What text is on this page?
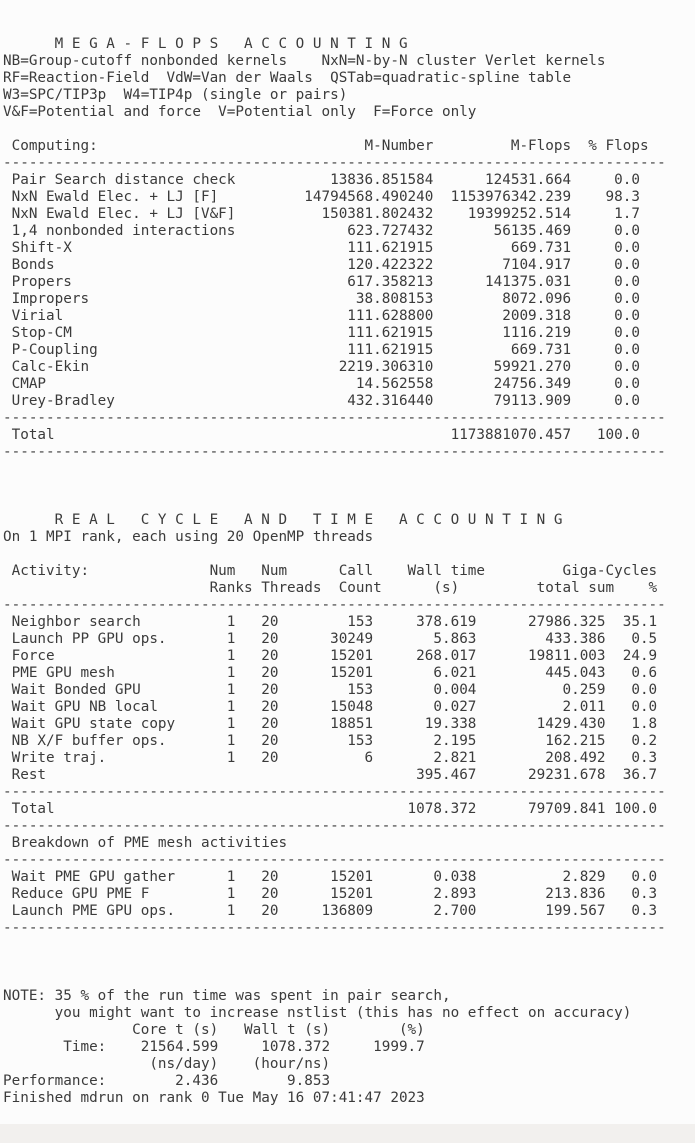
M E G A - F L O P S   A C C O U N T I N G
NB=Group-cutoff nonbonded kernels    NxN=N-by-N cluster Verlet kernels
RF=Reaction-Field  VdW=Van der Waals  QSTab=quadratic-spline table
W3=SPC/TIP3p  W4=TIP4p (single or pairs)
V&F=Potential and force  V=Potential only  F=Force only

Computing:                               M-Number         M-Flops  % Flops
-----------------------------------------------------------------------------
Pair Search distance check           13836.851584      124531.664     0.0
NxN Ewald Elec. + LJ [F]          14794568.490240  1153976342.239    98.3
NxN Ewald Elec. + LJ [V&F]          150381.802432    19399252.514     1.7
1,4 nonbonded interactions             623.727432       56135.469     0.0
Shift-X                                111.621915         669.731     0.0
Bonds                                  120.422322        7104.917     0.0
Propers                                617.358213      141375.031     0.0
Impropers                               38.808153        8072.096     0.0
Virial                                 111.628800        2009.318     0.0
Stop-CM                                111.621915        1116.219     0.0
P-Coupling                             111.621915         669.731     0.0
Calc-Ekin                             2219.306310       59921.270     0.0
CMAP                                    14.562558       24756.349     0.0
Urey-Bradley                           432.316440       79113.909     0.0
-----------------------------------------------------------------------------
Total                                              1173881070.457   100.0
-----------------------------------------------------------------------------

R E A L   C Y C L E   A N D   T I M E   A C C O U N T I N G
On 1 MPI rank, each using 20 OpenMP threads

Activity:              Num   Num      Call    Wall time         Giga-Cycles
Ranks Threads  Count      (s)         total sum    %
-----------------------------------------------------------------------------
Neighbor search          1   20        153     378.619      27986.325  35.1
Launch PP GPU ops.       1   20      30249       5.863        433.386   0.5
Force                    1   20      15201     268.017      19811.003  24.9
PME GPU mesh             1   20      15201       6.021        445.043   0.6
Wait Bonded GPU          1   20        153       0.004          0.259   0.0
Wait GPU NB local        1   20      15048       0.027          2.011   0.0
Wait GPU state copy      1   20      18851      19.338       1429.430   1.8
NB X/F buffer ops.       1   20        153       2.195        162.215   0.2
Write traj.              1   20          6       2.821        208.492   0.3
Rest                                           395.467      29231.678  36.7
-----------------------------------------------------------------------------
Total                                         1078.372      79709.841 100.0
-----------------------------------------------------------------------------
Breakdown of PME mesh activities
-----------------------------------------------------------------------------
Wait PME GPU gather      1   20      15201       0.038          2.829   0.0
Reduce GPU PME F         1   20      15201       2.893        213.836   0.3
Launch PME GPU ops.      1   20     136809       2.700        199.567   0.3
-----------------------------------------------------------------------------

NOTE: 35 % of the run time was spent in pair search,
you might want to increase nstlist (this has no effect on accuracy)
Core t (s)   Wall t (s)        (%)
Time:    21564.599     1078.372     1999.7
(ns/day)    (hour/ns)
Performance:        2.436        9.853
Finished mdrun on rank 0 Tue May 16 07:41:47 2023
